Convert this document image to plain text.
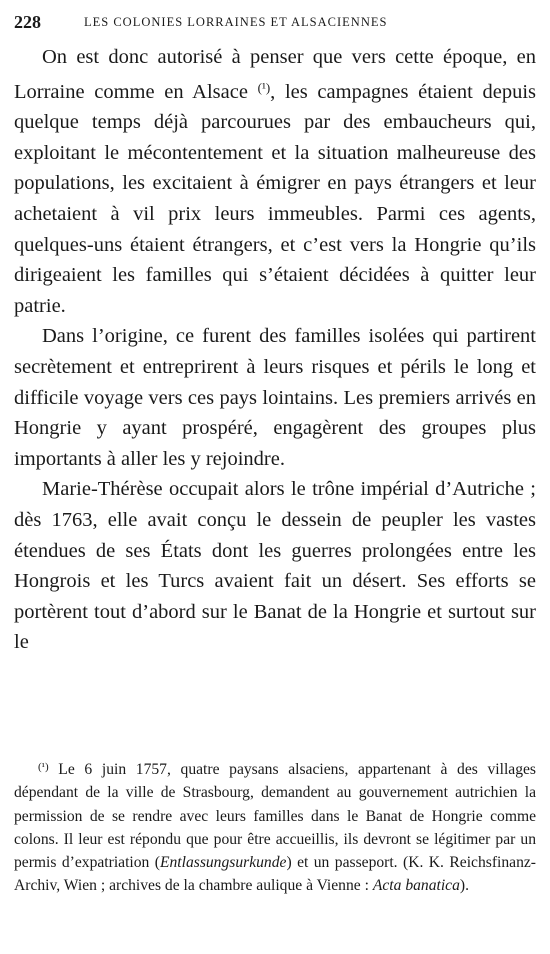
228	LES COLONIES LORRAINES ET ALSACIENNES

On est donc autorisé à penser que vers cette époque, en Lorraine comme en Alsace $^{(^1)}$, les campagnes étaient depuis quelque temps déjà parcourues par des embaucheurs qui, exploitant le mécontentement et la situation malheureuse des populations, les excitaient à émigrer en pays étrangers et leur achetaient à vil prix leurs immeubles. Parmi ces agents, quelques-uns étaient étrangers, et c’est vers la Hongrie qu’ils dirigeaient les familles qui s’étaient décidées à quitter leur patrie.

Dans l’origine, ce furent des familles isolées qui partirent secrètement et entreprirent à leurs risques et périls le long et difficile voyage vers ces pays lointains. Les premiers arrivés en Hongrie y ayant prospéré, engagèrent des groupes plus importants à aller les y rejoindre.

Marie-Thérèse occupait alors le trône impérial d’Autriche ; dès 1763, elle avait conçu le dessein de peupler les vastes étendues de ses États dont les guerres prolongées entre les Hongrois et les Turcs avaient fait un désert. Ses efforts se portèrent tout d’abord sur le Banat de la Hongrie et surtout sur le

$^{(^1)}$ Le 6 juin 1757, quatre paysans alsaciens, appartenant à des villages dépendant de la ville de Strasbourg, demandent au gouvernement autrichien la permission de se rendre avec leurs familles dans le Banat de Hongrie comme colons. Il leur est répondu que pour être accueillis, ils devront se légitimer par un permis d’expatriation (Entlassungsurkunde) et un passeport. (K. K. Reichsfinanz-Archiv, Wien ; archives de la chambre aulique à Vienne : Acta banatica).
